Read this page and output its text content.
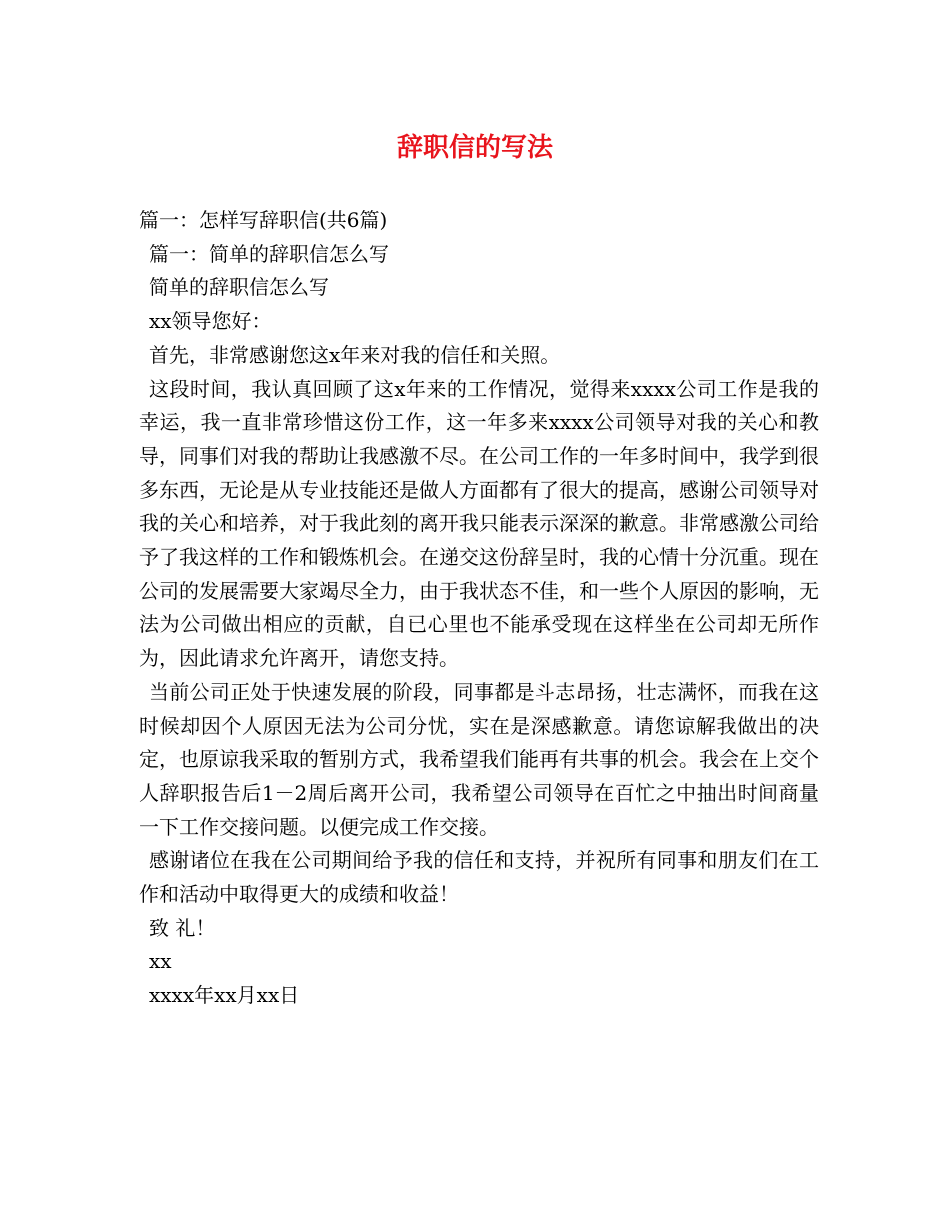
辞职信的写法

篇一：怎样写辞职信(共6篇)

篇一：简单的辞职信怎么写

简单的辞职信怎么写

xx领导您好：

首先，非常感谢您这x年来对我的信任和关照。

这段时间，我认真回顾了这x年来的工作情况，觉得来xxxx公司工作是我的幸运，我一直非常珍惜这份工作，这一年多来xxxx公司领导对我的关心和教导，同事们对我的帮助让我感激不尽。在公司工作的一年多时间中，我学到很多东西，无论是从专业技能还是做人方面都有了很大的提高，感谢公司领导对我的关心和培养，对于我此刻的离开我只能表示深深的歉意。非常感激公司给予了我这样的工作和锻炼机会。在递交这份辞呈时，我的心情十分沉重。现在公司的发展需要大家竭尽全力，由于我状态不佳，和一些个人原因的影响，无法为公司做出相应的贡献，自已心里也不能承受现在这样坐在公司却无所作为，因此请求允许离开，请您支持。

当前公司正处于快速发展的阶段，同事都是斗志昂扬，壮志满怀，而我在这时候却因个人原因无法为公司分忧，实在是深感歉意。请您谅解我做出的决定，也原谅我采取的暂别方式，我希望我们能再有共事的机会。我会在上交个人辞职报告后1－2周后离开公司，我希望公司领导在百忙之中抽出时间商量一下工作交接问题。以便完成工作交接。

感谢诸位在我在公司期间给予我的信任和支持，并祝所有同事和朋友们在工作和活动中取得更大的成绩和收益！

致 礼！

xx

xxxx年xx月xx日
